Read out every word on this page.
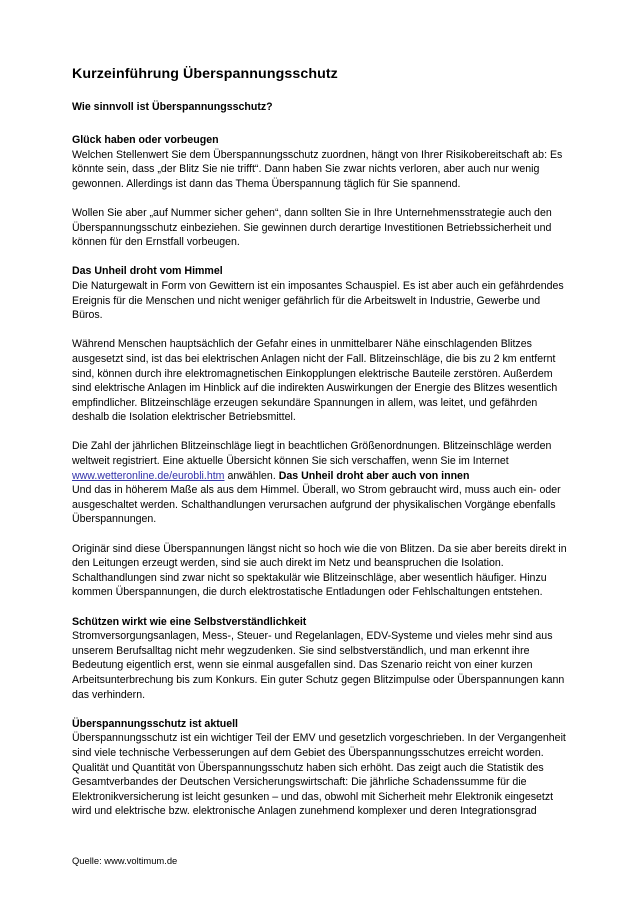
Kurzeinführung Überspannungsschutz
Wie sinnvoll ist Überspannungsschutz?
Glück haben oder vorbeugen

Welchen Stellenwert Sie dem Überspannungsschutz zuordnen, hängt von Ihrer Risikobereitschaft ab: Es könnte sein, dass „der Blitz Sie nie trifft“. Dann haben Sie zwar nichts verloren, aber auch nur wenig gewonnen. Allerdings ist dann das Thema Überspannung täglich für Sie spannend.

Wollen Sie aber „auf Nummer sicher gehen“, dann sollten Sie in Ihre Unternehmensstrategie auch den Überspannungsschutz einbeziehen. Sie gewinnen durch derartige Investitionen Betriebssicherheit und können für den Ernstfall vorbeugen.

Das Unheil droht vom Himmel

Die Naturgewalt in Form von Gewittern ist ein imposantes Schauspiel. Es ist aber auch ein gefährdendes Ereignis für die Menschen und nicht weniger gefährlich für die Arbeitswelt in Industrie, Gewerbe und Büros.

Während Menschen hauptsächlich der Gefahr eines in unmittelbarer Nähe einschlagenden Blitzes ausgesetzt sind, ist das bei elektrischen Anlagen nicht der Fall. Blitzeinschläge, die bis zu 2 km entfernt sind, können durch ihre elektromagnetischen Einkopplungen elektrische Bauteile zerstören. Außerdem sind elektrische Anlagen im Hinblick auf die indirekten Auswirkungen der Energie des Blitzes wesentlich empfindlicher. Blitzeinschläge erzeugen sekundäre Spannungen in allem, was leitet, und gefährden deshalb die Isolation elektrischer Betriebsmittel.

Die Zahl der jährlichen Blitzeinschläge liegt in beachtlichen Größenordnungen. Blitzeinschläge werden weltweit registriert. Eine aktuelle Übersicht können Sie sich verschaffen, wenn Sie im Internet www.wetteronline.de/eurobli.htm anwählen. Das Unheil droht aber auch von innen

Und das in höherem Maße als aus dem Himmel. Überall, wo Strom gebraucht wird, muss auch ein- oder ausgeschaltet werden. Schalthandlungen verursachen aufgrund der physikalischen Vorgänge ebenfalls Überspannungen.

Originär sind diese Überspannungen längst nicht so hoch wie die von Blitzen. Da sie aber bereits direkt in den Leitungen erzeugt werden, sind sie auch direkt im Netz und beanspruchen die Isolation. Schalthandlungen sind zwar nicht so spektakulär wie Blitzeinschläge, aber wesentlich häufiger. Hinzu kommen Überspannungen, die durch elektrostatische Entladungen oder Fehlschaltungen entstehen.

Schützen wirkt wie eine Selbstverständlichkeit

Stromversorgungsanlagen, Mess-, Steuer- und Regelanlagen, EDV-Systeme und vieles mehr sind aus unserem Berufsalltag nicht mehr wegzudenken. Sie sind selbstverständlich, und man erkennt ihre Bedeutung eigentlich erst, wenn sie einmal ausgefallen sind. Das Szenario reicht von einer kurzen Arbeitsunterbrechung bis zum Konkurs. Ein guter Schutz gegen Blitzimpulse oder Überspannungen kann das verhindern.

Überspannungsschutz ist aktuell

Überspannungsschutz ist ein wichtiger Teil der EMV und gesetzlich vorgeschrieben. In der Vergangenheit sind viele technische Verbesserungen auf dem Gebiet des Überspannungsschutzes erreicht worden. Qualität und Quantität von Überspannungsschutz haben sich erhöht. Das zeigt auch die Statistik des Gesamtverbandes der Deutschen Versicherungswirtschaft: Die jährliche Schadenssumme für die Elektronikversicherung ist leicht gesunken – und das, obwohl mit Sicherheit mehr Elektronik eingesetzt wird und elektrische bzw. elektronische Anlagen zunehmend komplexer und deren Integrationsgrad

Quelle: www.voltimum.de
